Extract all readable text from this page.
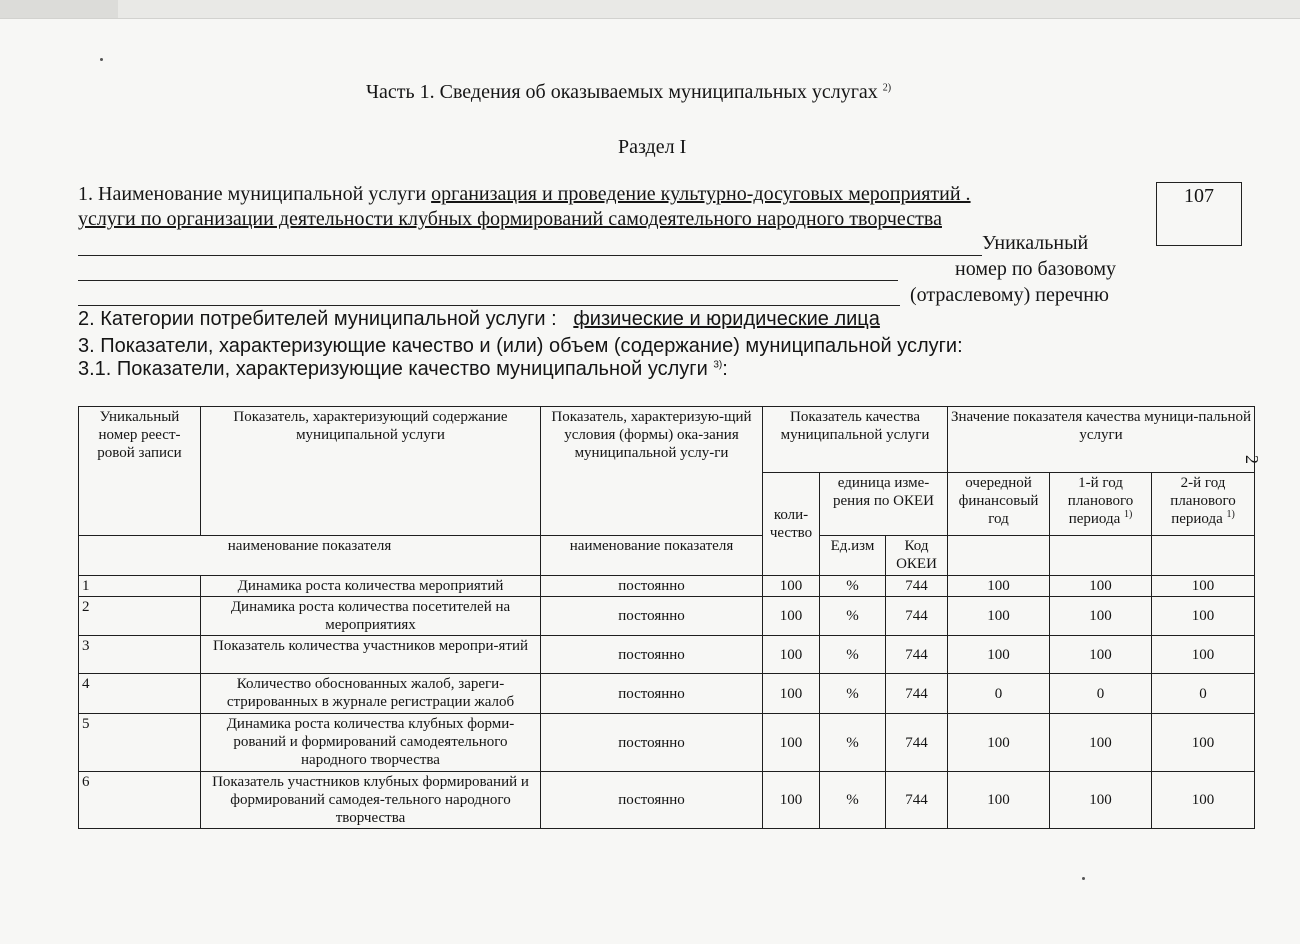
Часть 1. Сведения об оказываемых муниципальных услугах $^{2)}$
Раздел I
107
1. Наименование муниципальной услуги организация и проведение культурно-досуговых мероприятий .
услуги по организации деятельности клубных формирований самодеятельного народного творчества
Уникальный
номер по базовому
(отраслевому) перечню
2. Категории потребителей муниципальной услуги : физические и юридические лица
3. Показатели, характеризующие качество и (или) объем (содержание) муниципальной услуги:
3.1. Показатели, характеризующие качество муниципальной услуги $^{3)}$:
2
Уникальный номер реест-ровой записи	Показатель, характеризующий содержание муниципальной услуги	Показатель, характеризую-щий условия (формы) ока-зания муниципальной услу-ги	Показатель качества муниципальной услуги			Значение показателя качества муници-пальной услуги		
			коли-чество	единица изме-рения по ОКЕИ		очередной финансовый год	1-й год планового периода $^{1)}$	2-й год планового периода $^{1)}$
наименование показателя		наименование показателя		Ед.изм	Код ОКЕИ			
1	Динамика роста количества мероприятий	постоянно	100	%	744	100	100	100
2	Динамика роста количества посетителей на мероприятиях	постоянно	100	%	744	100	100	100
3	Показатель количества участников меропри-ятий	постоянно	100	%	744	100	100	100
4	Количество обоснованных жалоб, зареги-стрированных в журнале регистрации жалоб	постоянно	100	%	744	0	0	0
5	Динамика роста количества клубных форми-рований и формирований самодеятельного народного творчества	постоянно	100	%	744	100	100	100
6	Показатель участников клубных формирований и формирований самодея-тельного народного творчества	постоянно	100	%	744	100	100	100
